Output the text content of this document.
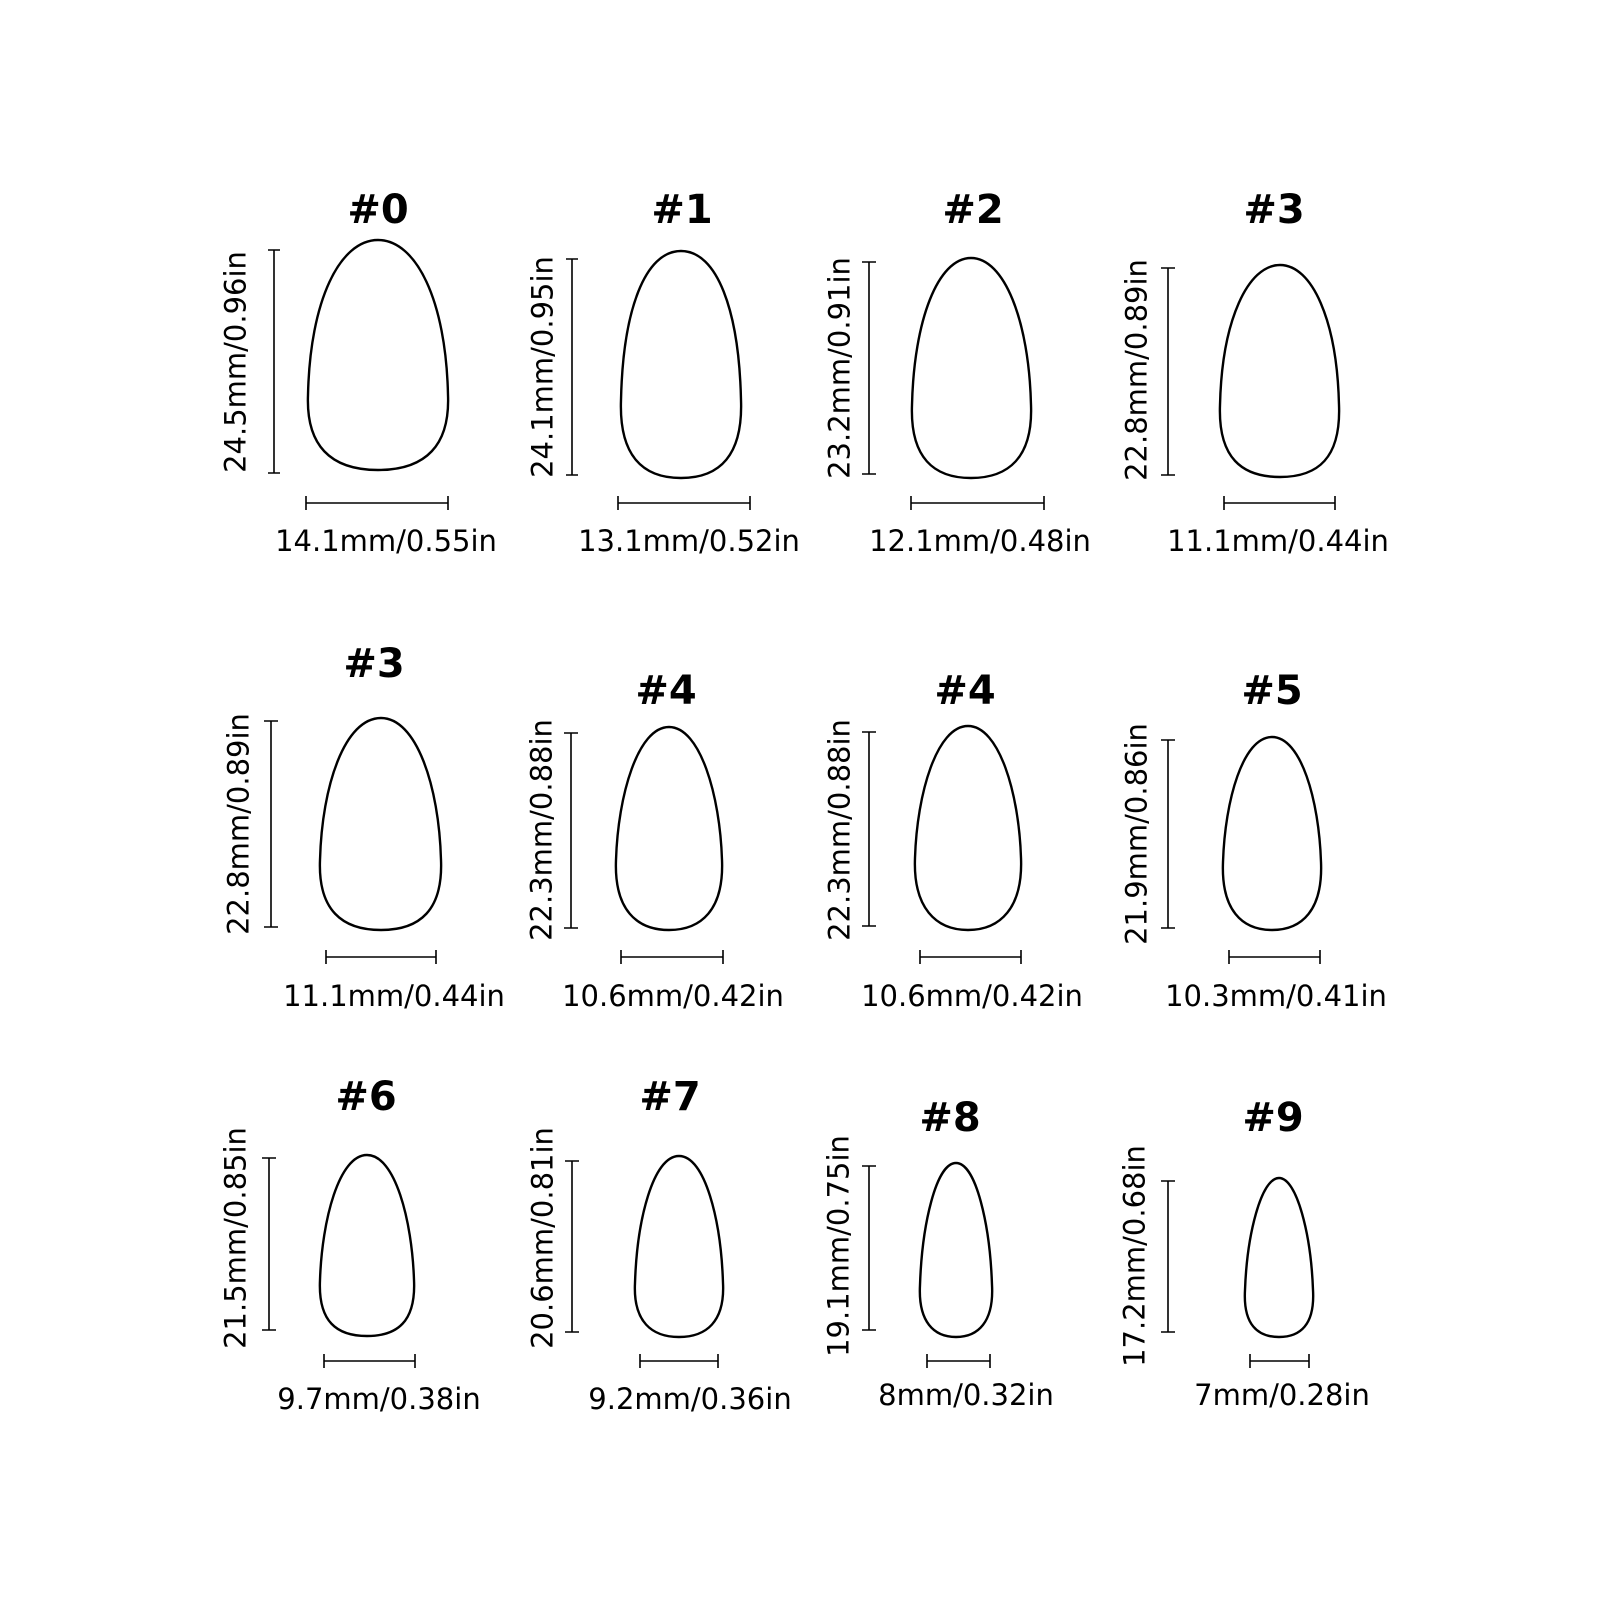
#0
24.5mm/0.96in
14.1mm/0.55in
#1
24.1mm/0.95in
13.1mm/0.52in
#2
23.2mm/0.91in
12.1mm/0.48in
#3
22.8mm/0.89in
11.1mm/0.44in
#3
22.8mm/0.89in
11.1mm/0.44in
#4
22.3mm/0.88in
10.6mm/0.42in
#4
22.3mm/0.88in
10.6mm/0.42in
#5
21.9mm/0.86in
10.3mm/0.41in
#6
21.5mm/0.85in
9.7mm/0.38in
#7
20.6mm/0.81in
9.2mm/0.36in
#8
19.1mm/0.75in
8mm/0.32in
#9
17.2mm/0.68in
7mm/0.28in
